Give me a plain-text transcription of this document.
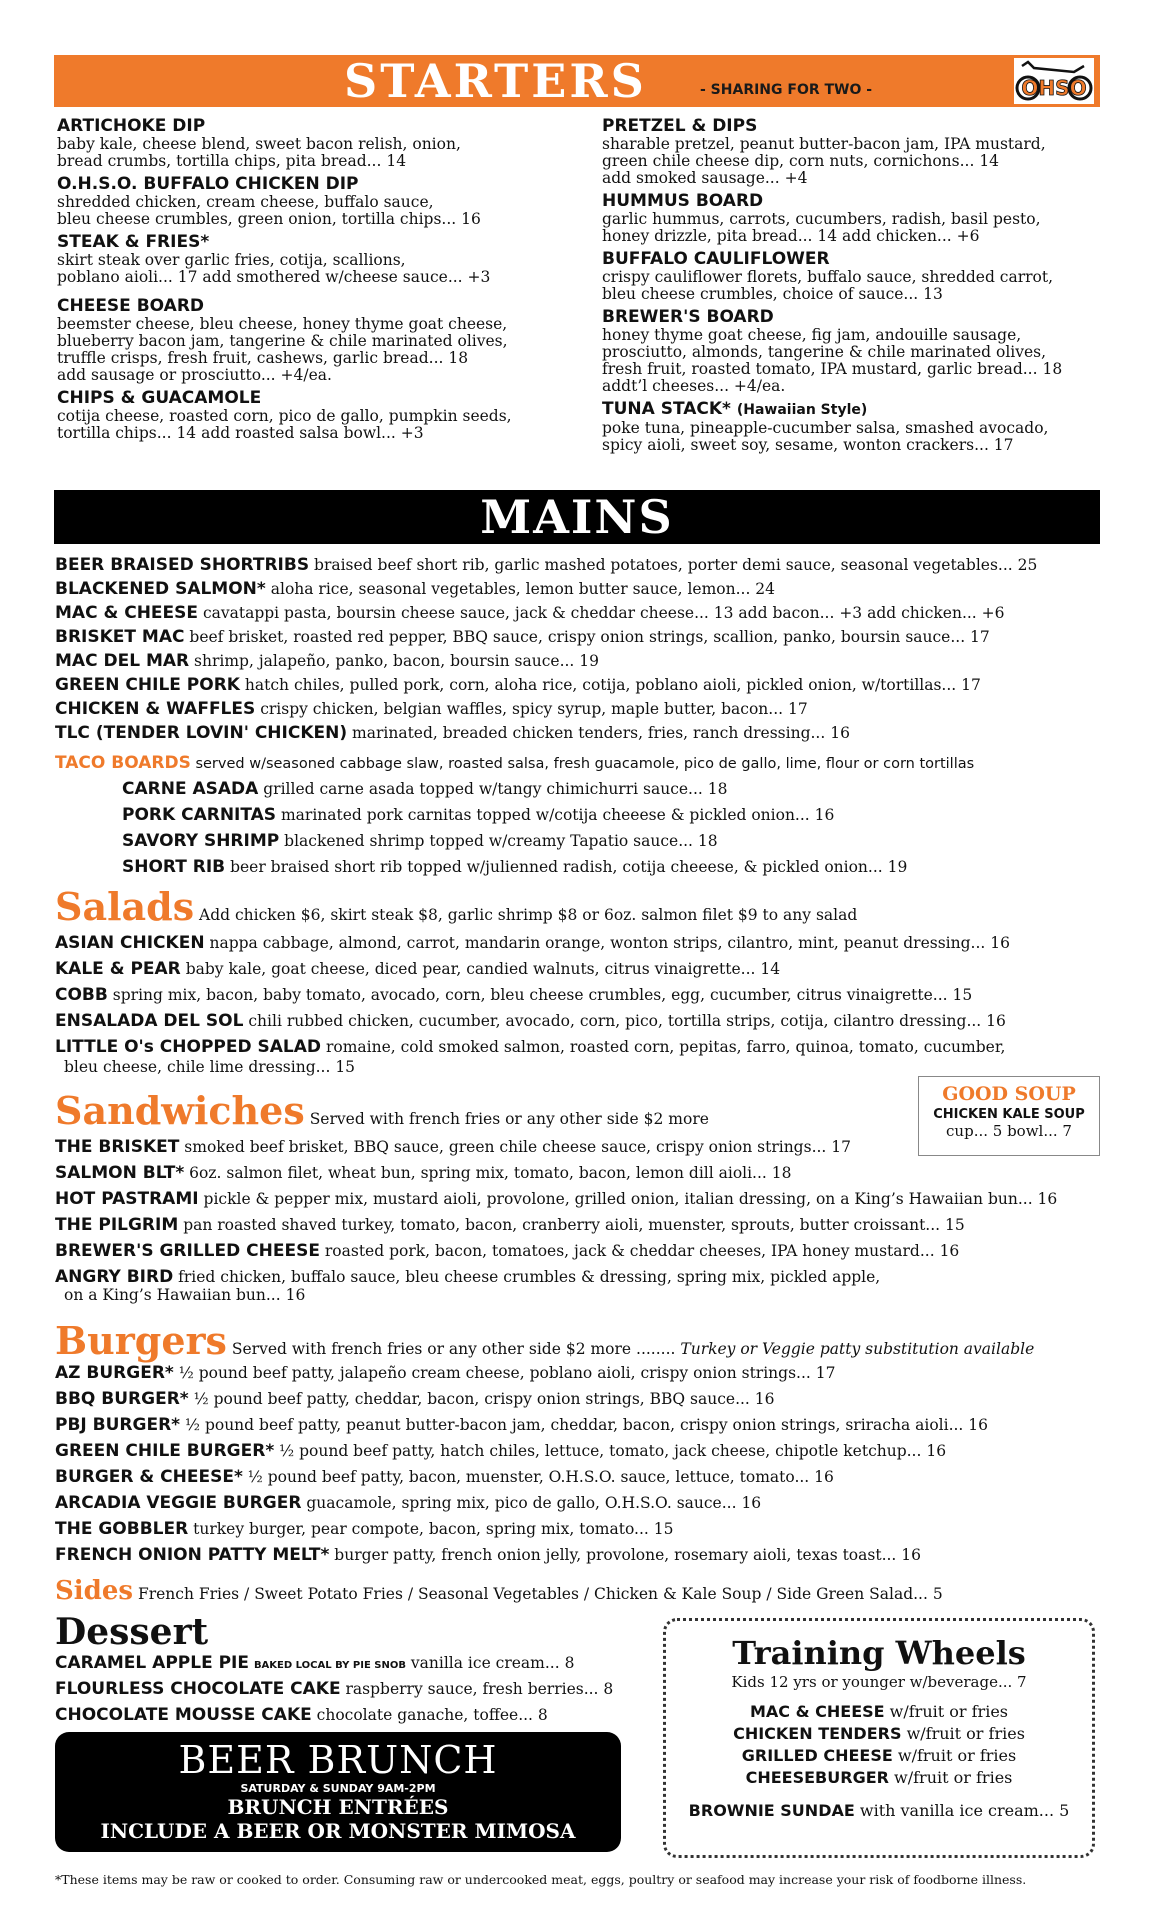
STARTERS	- SHARING FOR TWO -	OHSO
ARTICHOKE DIP
baby kale, cheese blend, sweet bacon relish, onion,
bread crumbs, tortilla chips, pita bread... 14
O.H.S.O. BUFFALO CHICKEN DIP
shredded chicken, cream cheese, buffalo sauce,
bleu cheese crumbles, green onion, tortilla chips... 16
STEAK & FRIES*
skirt steak over garlic fries, cotija, scallions,
poblano aioli... 17 add smothered w/cheese sauce... +3
CHEESE BOARD
beemster cheese, bleu cheese, honey thyme goat cheese,
blueberry bacon jam, tangerine & chile marinated olives,
truffle crisps, fresh fruit, cashews, garlic bread... 18
add sausage or prosciutto... +4/ea.
CHIPS & GUACAMOLE
cotija cheese, roasted corn, pico de gallo, pumpkin seeds,
tortilla chips... 14 add roasted salsa bowl... +3
PRETZEL & DIPS
sharable pretzel, peanut butter-bacon jam, IPA mustard,
green chile cheese dip, corn nuts, cornichons... 14
add smoked sausage... +4
HUMMUS BOARD
garlic hummus, carrots, cucumbers, radish, basil pesto,
honey drizzle, pita bread... 14 add chicken... +6
BUFFALO CAULIFLOWER
crispy cauliflower florets, buffalo sauce, shredded carrot,
bleu cheese crumbles, choice of sauce... 13
BREWER'S BOARD
honey thyme goat cheese, fig jam, andouille sausage,
prosciutto, almonds, tangerine & chile marinated olives,
fresh fruit, roasted tomato, IPA mustard, garlic bread... 18
addt’l cheeses... +4/ea.
TUNA STACK* (Hawaiian Style)
poke tuna, pineapple-cucumber salsa, smashed avocado,
spicy aioli, sweet soy, sesame, wonton crackers... 17
MAINS
BEER BRAISED SHORTRIBS braised beef short rib, garlic mashed potatoes, porter demi sauce, seasonal vegetables... 25
BLACKENED SALMON* aloha rice, seasonal vegetables, lemon butter sauce, lemon... 24
MAC & CHEESE cavatappi pasta, boursin cheese sauce, jack & cheddar cheese... 13 add bacon... +3 add chicken... +6
BRISKET MAC beef brisket, roasted red pepper, BBQ sauce, crispy onion strings, scallion, panko, boursin sauce... 17
MAC DEL MAR shrimp, jalapeño, panko, bacon, boursin sauce... 19
GREEN CHILE PORK hatch chiles, pulled pork, corn, aloha rice, cotija, poblano aioli, pickled onion, w/tortillas... 17
CHICKEN & WAFFLES crispy chicken, belgian waffles, spicy syrup, maple butter, bacon... 17
TLC (TENDER LOVIN' CHICKEN) marinated, breaded chicken tenders, fries, ranch dressing... 16
TACO BOARDS served w/seasoned cabbage slaw, roasted salsa, fresh guacamole, pico de gallo, lime, flour or corn tortillas
CARNE ASADA grilled carne asada topped w/tangy chimichurri sauce... 18
PORK CARNITAS marinated pork carnitas topped w/cotija cheeese & pickled onion... 16
SAVORY SHRIMP blackened shrimp topped w/creamy Tapatio sauce... 18
SHORT RIB beer braised short rib topped w/julienned radish, cotija cheeese, & pickled onion... 19
Salads Add chicken $6, skirt steak $8, garlic shrimp $8 or 6oz. salmon filet $9 to any salad
ASIAN CHICKEN nappa cabbage, almond, carrot, mandarin orange, wonton strips, cilantro, mint, peanut dressing... 16
KALE & PEAR baby kale, goat cheese, diced pear, candied walnuts, citrus vinaigrette... 14
COBB spring mix, bacon, baby tomato, avocado, corn, bleu cheese crumbles, egg, cucumber, citrus vinaigrette... 15
ENSALADA DEL SOL chili rubbed chicken, cucumber, avocado, corn, pico, tortilla strips, cotija, cilantro dressing... 16
LITTLE O's CHOPPED SALAD romaine, cold smoked salmon, roasted corn, pepitas, farro, quinoa, tomato, cucumber,
bleu cheese, chile lime dressing... 15
GOOD SOUP
CHICKEN KALE SOUP
cup... 5 bowl... 7
Sandwiches Served with french fries or any other side $2 more
THE BRISKET smoked beef brisket, BBQ sauce, green chile cheese sauce, crispy onion strings... 17
SALMON BLT* 6oz. salmon filet, wheat bun, spring mix, tomato, bacon, lemon dill aioli... 18
HOT PASTRAMI pickle & pepper mix, mustard aioli, provolone, grilled onion, italian dressing, on a King’s Hawaiian bun... 16
THE PILGRIM pan roasted shaved turkey, tomato, bacon, cranberry aioli, muenster, sprouts, butter croissant... 15
BREWER'S GRILLED CHEESE roasted pork, bacon, tomatoes, jack & cheddar cheeses, IPA honey mustard... 16
ANGRY BIRD fried chicken, buffalo sauce, bleu cheese crumbles & dressing, spring mix, pickled apple,
on a King’s Hawaiian bun... 16
Burgers Served with french fries or any other side $2 more ........ Turkey or Veggie patty substitution available
AZ BURGER* ½ pound beef patty, jalapeño cream cheese, poblano aioli, crispy onion strings... 17
BBQ BURGER* ½ pound beef patty, cheddar, bacon, crispy onion strings, BBQ sauce... 16
PBJ BURGER* ½ pound beef patty, peanut butter-bacon jam, cheddar, bacon, crispy onion strings, sriracha aioli... 16
GREEN CHILE BURGER* ½ pound beef patty, hatch chiles, lettuce, tomato, jack cheese, chipotle ketchup... 16
BURGER & CHEESE* ½ pound beef patty, bacon, muenster, O.H.S.O. sauce, lettuce, tomato... 16
ARCADIA VEGGIE BURGER guacamole, spring mix, pico de gallo, O.H.S.O. sauce... 16
THE GOBBLER turkey burger, pear compote, bacon, spring mix, tomato... 15
FRENCH ONION PATTY MELT* burger patty, french onion jelly, provolone, rosemary aioli, texas toast... 16
Sides French Fries / Sweet Potato Fries / Seasonal Vegetables / Chicken & Kale Soup / Side Green Salad... 5
Dessert
CARAMEL APPLE PIE BAKED LOCAL BY PIE SNOB vanilla ice cream... 8
FLOURLESS CHOCOLATE CAKE raspberry sauce, fresh berries... 8
CHOCOLATE MOUSSE CAKE chocolate ganache, toffee... 8
BEER BRUNCH
SATURDAY & SUNDAY 9AM-2PM
BRUNCH ENTRÉES
INCLUDE A BEER OR MONSTER MIMOSA
Training Wheels
Kids 12 yrs or younger w/beverage... 7
MAC & CHEESE w/fruit or fries
CHICKEN TENDERS w/fruit or fries
GRILLED CHEESE w/fruit or fries
CHEESEBURGER w/fruit or fries
BROWNIE SUNDAE with vanilla ice cream... 5
*These items may be raw or cooked to order. Consuming raw or undercooked meat, eggs, poultry or seafood may increase your risk of foodborne illness.
